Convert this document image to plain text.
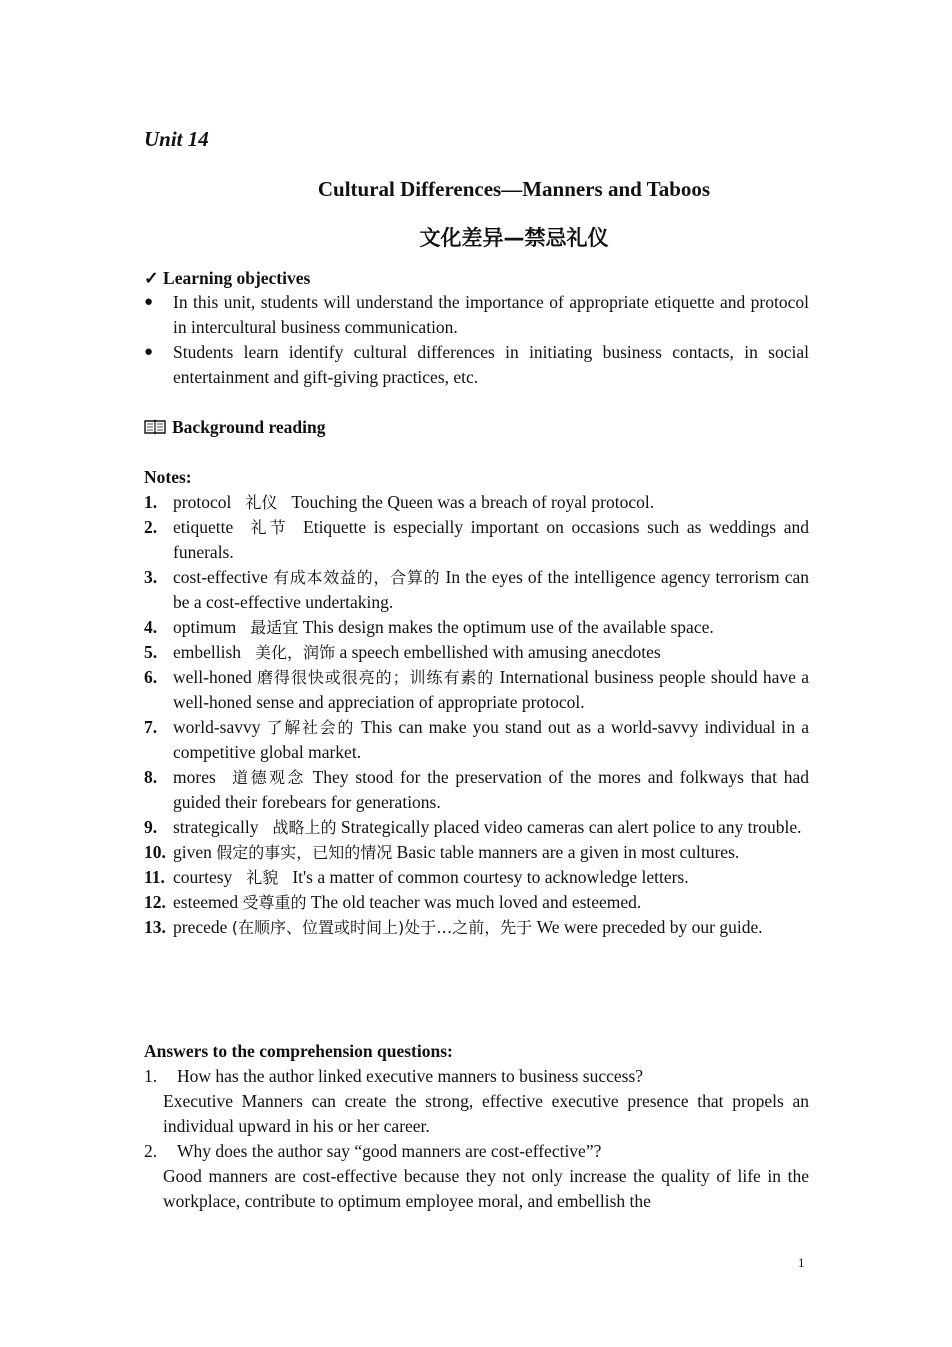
Unit 14
Cultural Differences—Manners and Taboos
文化差异—禁忌礼仪
✓ Learning objectives
● In this unit, students will understand the importance of appropriate etiquette and protocol in intercultural business communication.
● Students learn identify cultural differences in initiating business contacts, in social entertainment and gift-giving practices, etc.
Background reading
Notes:
1. protocol 礼仪 Touching the Queen was a breach of royal protocol.
2. etiquette 礼节 Etiquette is especially important on occasions such as weddings and funerals.
3. cost-effective 有成本效益的，合算的 In the eyes of the intelligence agency terrorism can be a cost-effective undertaking.
4. optimum 最适宜 This design makes the optimum use of the available space.
5. embellish 美化，润饰 a speech embellished with amusing anecdotes
6. well-honed 磨得很快或很亮的；训练有素的 International business people should have a well-honed sense and appreciation of appropriate protocol.
7. world-savvy 了解社会的 This can make you stand out as a world-savvy individual in a competitive global market.
8. mores 道德观念 They stood for the preservation of the mores and folkways that had guided their forebears for generations.
9. strategically 战略上的 Strategically placed video cameras can alert police to any trouble.
10. given 假定的事实，已知的情况 Basic table manners are a given in most cultures.
11. courtesy 礼貌 It's a matter of common courtesy to acknowledge letters.
12. esteemed 受尊重的 The old teacher was much loved and esteemed.
13. precede (在顺序、位置或时间上)处于…之前，先于 We were preceded by our guide.
Answers to the comprehension questions:
1. How has the author linked executive manners to business success?
Executive Manners can create the strong, effective executive presence that propels an individual upward in his or her career.
2. Why does the author say “good manners are cost-effective”?
Good manners are cost-effective because they not only increase the quality of life in the workplace, contribute to optimum employee moral, and embellish the
1
